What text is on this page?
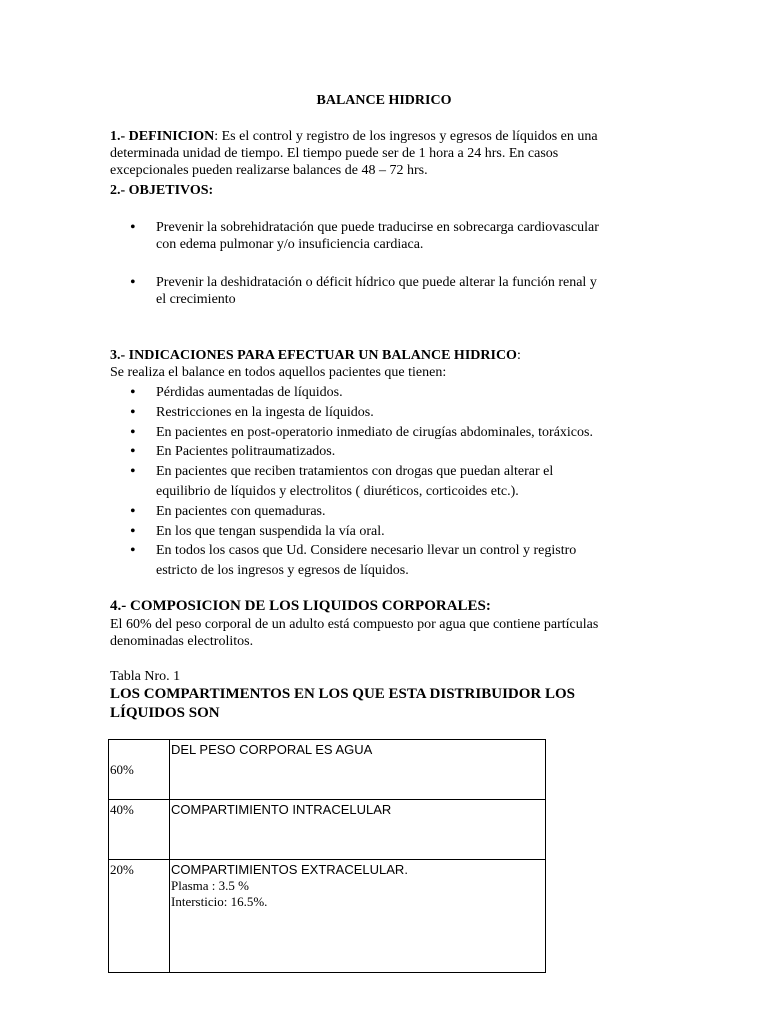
BALANCE HIDRICO
1.- DEFINICION: Es el control y registro de los ingresos y egresos de líquidos en una
determinada unidad de tiempo. El tiempo puede ser de 1 hora a 24 hrs. En casos
excepcionales pueden realizarse balances de 48 – 72 hrs.
2.- OBJETIVOS:
• Prevenir la sobrehidratación que puede traducirse en sobrecarga cardiovascular
con edema pulmonar y/o insuficiencia cardiaca.
• Prevenir la deshidratación o déficit hídrico que puede alterar la función renal y
el crecimiento
3.- INDICACIONES PARA EFECTUAR UN BALANCE HIDRICO:
Se realiza el balance en todos aquellos pacientes que tienen:
• Pérdidas aumentadas de líquidos.
• Restricciones en la ingesta de líquidos.
• En pacientes en post-operatorio inmediato de cirugías abdominales, toráxicos.
• En Pacientes politraumatizados.
• En pacientes que reciben tratamientos con drogas que puedan alterar el
equilibrio de líquidos y electrolitos ( diuréticos, corticoides etc.).
• En pacientes con quemaduras.
• En los que tengan suspendida la vía oral.
• En todos los casos que Ud. Considere necesario llevar un control y registro
estricto de los ingresos y egresos de líquidos.
4.- COMPOSICION DE LOS LIQUIDOS CORPORALES:
El 60% del peso corporal de un adulto está compuesto por agua que contiene partículas
denominadas electrolitos.
Tabla Nro. 1
LOS COMPARTIMENTOS EN LOS QUE ESTA DISTRIBUIDOR LOS
LÍQUIDOS SON
60%	DEL PESO CORPORAL ES AGUA
40%	COMPARTIMIENTO INTRACELULAR
20%	COMPARTIMIENTOS EXTRACELULAR.
Plasma : 3.5 %
Intersticio: 16.5%.
